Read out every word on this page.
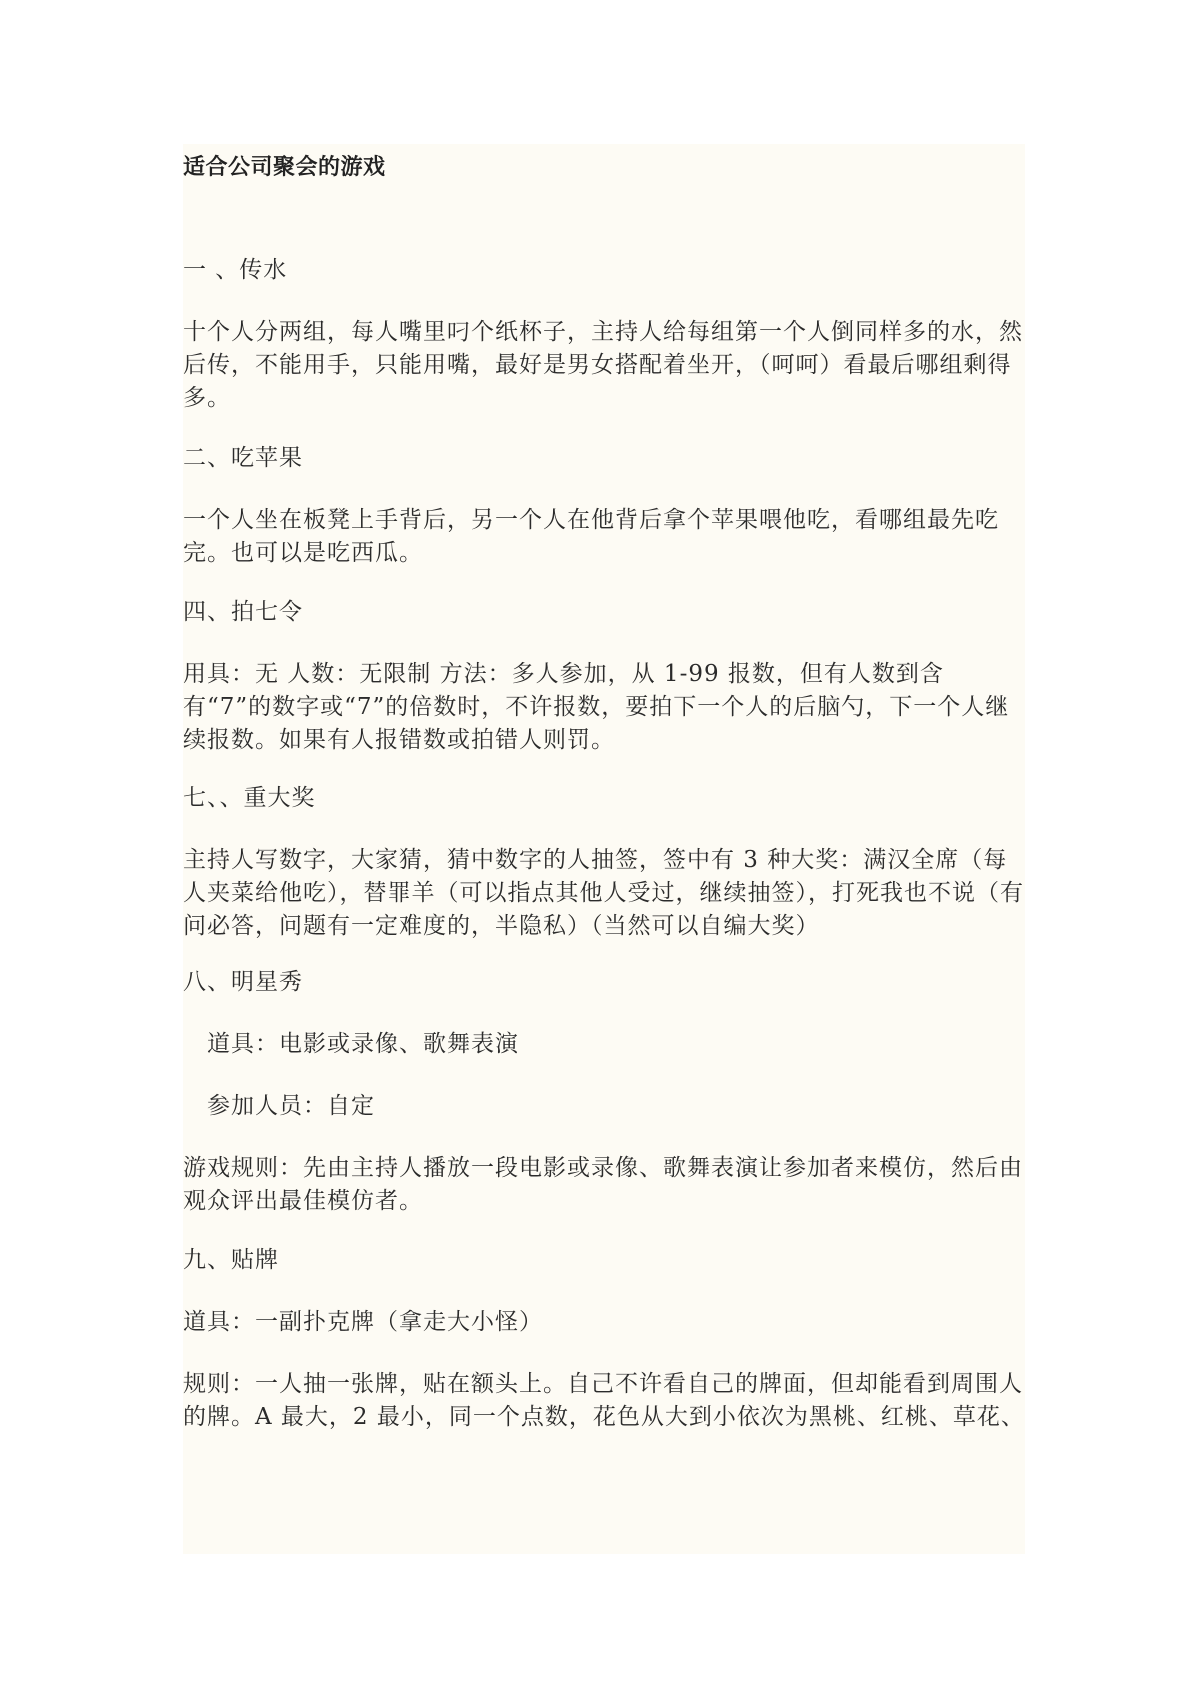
适合公司聚会的游戏

一 、传水

十个人分两组，每人嘴里叼个纸杯子，主持人给每组第一个人倒同样多的水，然后传，不能用手，只能用嘴，最好是男女搭配着坐开，（呵呵）看最后哪组剩得多。

二、吃苹果

一个人坐在板凳上手背后，另一个人在他背后拿个苹果喂他吃，看哪组最先吃完。也可以是吃西瓜。

四、拍七令

用具：无 人数：无限制 方法：多人参加，从 1-99 报数，但有人数到含有“7”的数字或“7”的倍数时，不许报数，要拍下一个人的后脑勺，下一个人继续报数。如果有人报错数或拍错人则罚。

七、、重大奖

主持人写数字，大家猜，猜中数字的人抽签，签中有 3 种大奖：满汉全席（每人夹菜给他吃），替罪羊（可以指点其他人受过，继续抽签），打死我也不说（有问必答，问题有一定难度的，半隐私）（当然可以自编大奖）

八、明星秀

道具：电影或录像、歌舞表演

参加人员：自定

游戏规则：先由主持人播放一段电影或录像、歌舞表演让参加者来模仿，然后由观众评出最佳模仿者。

九、贴牌

道具：一副扑克牌（拿走大小怪）

规则：一人抽一张牌，贴在额头上。自己不许看自己的牌面，但却能看到周围人的牌。A 最大，2 最小，同一个点数，花色从大到小依次为黑桃、红桃、草花、
